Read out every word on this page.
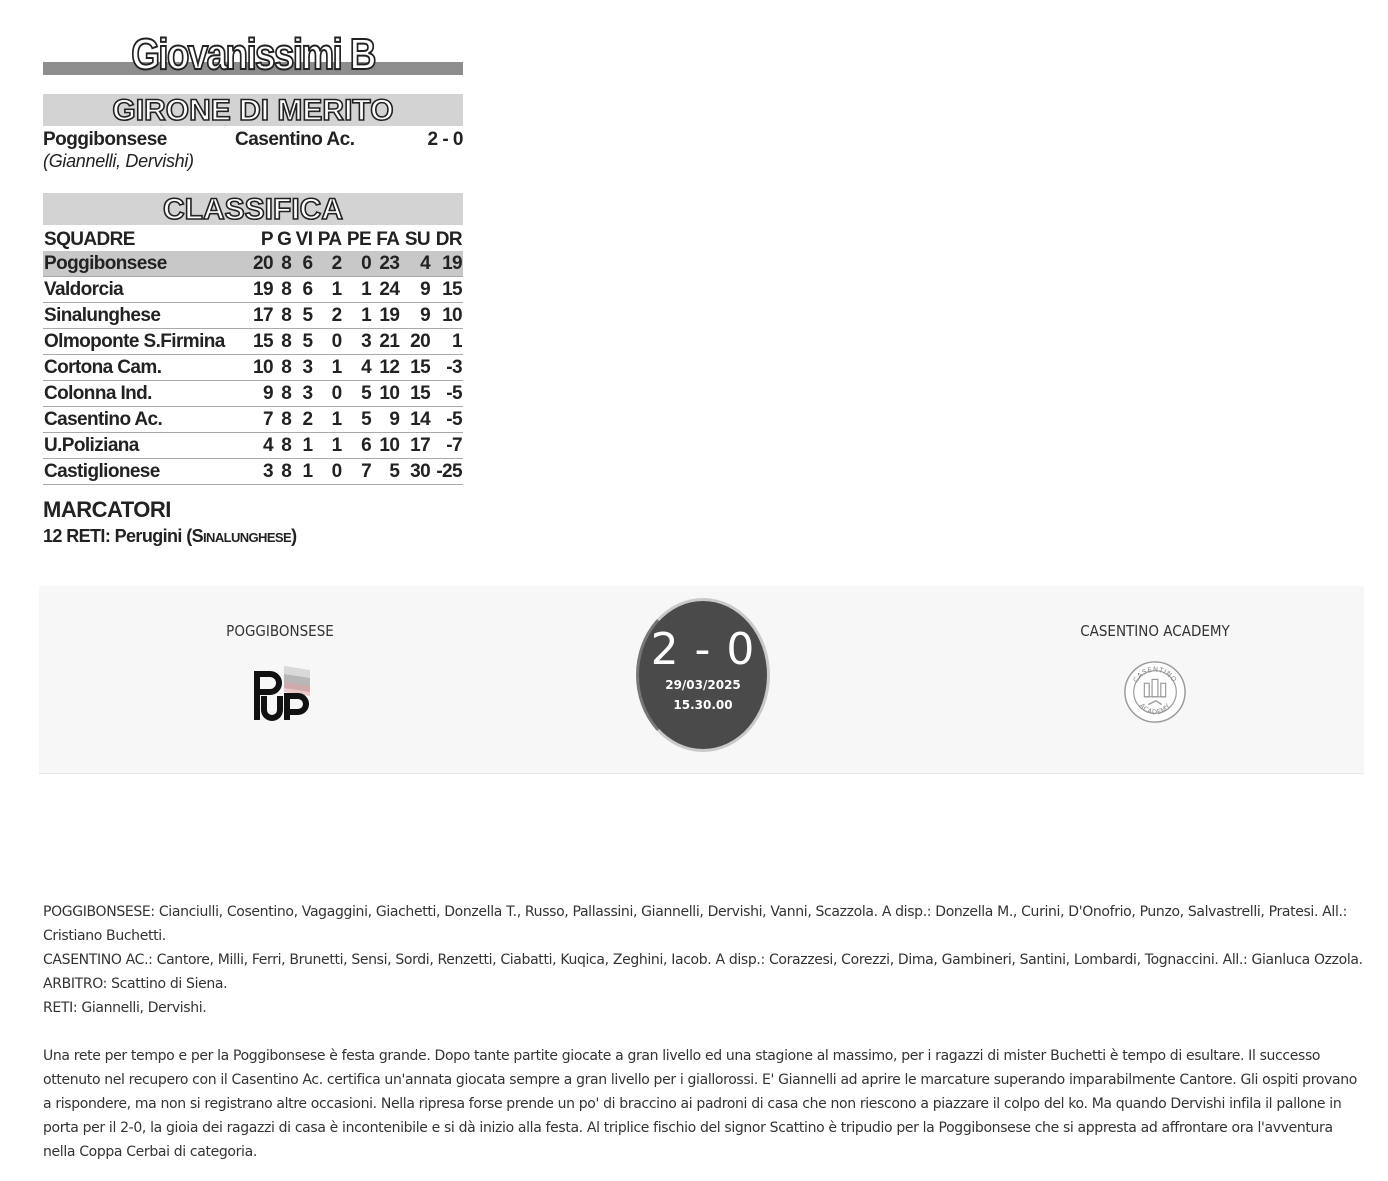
Giovanissimi B
GIRONE DI MERITO
Poggibonsese	Casentino Ac.	2 - 0
(Giannelli, Dervishi)
CLASSIFICA
SQUADRE	P	G	VI	PA	PE	FA	SU	DR
Poggibonsese	20	8	6	2	0	23	4	19
Valdorcia	19	8	6	1	1	24	9	15
Sinalunghese	17	8	5	2	1	19	9	10
Olmoponte S.Firmina	15	8	5	0	3	21	20	1
Cortona Cam.	10	8	3	1	4	12	15	-3
Colonna Ind.	9	8	3	0	5	10	15	-5
Casentino Ac.	7	8	2	1	5	9	14	-5
U.Poliziana	4	8	1	1	6	10	17	-7
Castiglionese	3	8	1	0	7	5	30	-25
MARCATORI
12 RETI: Perugini (SINALUNGHESE)
POGGIBONSESE	2 - 0
29/03/2025
15.30.00
CASENTINO ACADEMY
CASENTINO
ACADEMY

POGGIBONSESE: Cianciulli, Cosentino, Vagaggini, Giachetti, Donzella T., Russo, Pallassini, Giannelli, Dervishi, Vanni, Scazzola. A disp.: Donzella M., Curini, D'Onofrio, Punzo, Salvastrelli, Pratesi. All.: Cristiano Buchetti.

CASENTINO AC.: Cantore, Milli, Ferri, Brunetti, Sensi, Sordi, Renzetti, Ciabatti, Kuqica, Zeghini, Iacob. A disp.: Corazzesi, Corezzi, Dima, Gambineri, Santini, Lombardi, Tognaccini. All.: Gianluca Ozzola.

ARBITRO: Scattino di Siena.

RETI: Giannelli, Dervishi.

Una rete per tempo e per la Poggibonsese è festa grande. Dopo tante partite giocate a gran livello ed una stagione al massimo, per i ragazzi di mister Buchetti è tempo di esultare. Il successo ottenuto nel recupero con il Casentino Ac. certifica un'annata giocata sempre a gran livello per i giallorossi. E' Giannelli ad aprire le marcature superando imparabilmente Cantore. Gli ospiti provano a rispondere, ma non si registrano altre occasioni. Nella ripresa forse prende un po' di braccino ai padroni di casa che non riescono a piazzare il colpo del ko. Ma quando Dervishi infila il pallone in porta per il 2-0, la gioia dei ragazzi di casa è incontenibile e si dà inizio alla festa. Al triplice fischio del signor Scattino è tripudio per la Poggibonsese che si appresta ad affrontare ora l'avventura nella Coppa Cerbai di categoria.
